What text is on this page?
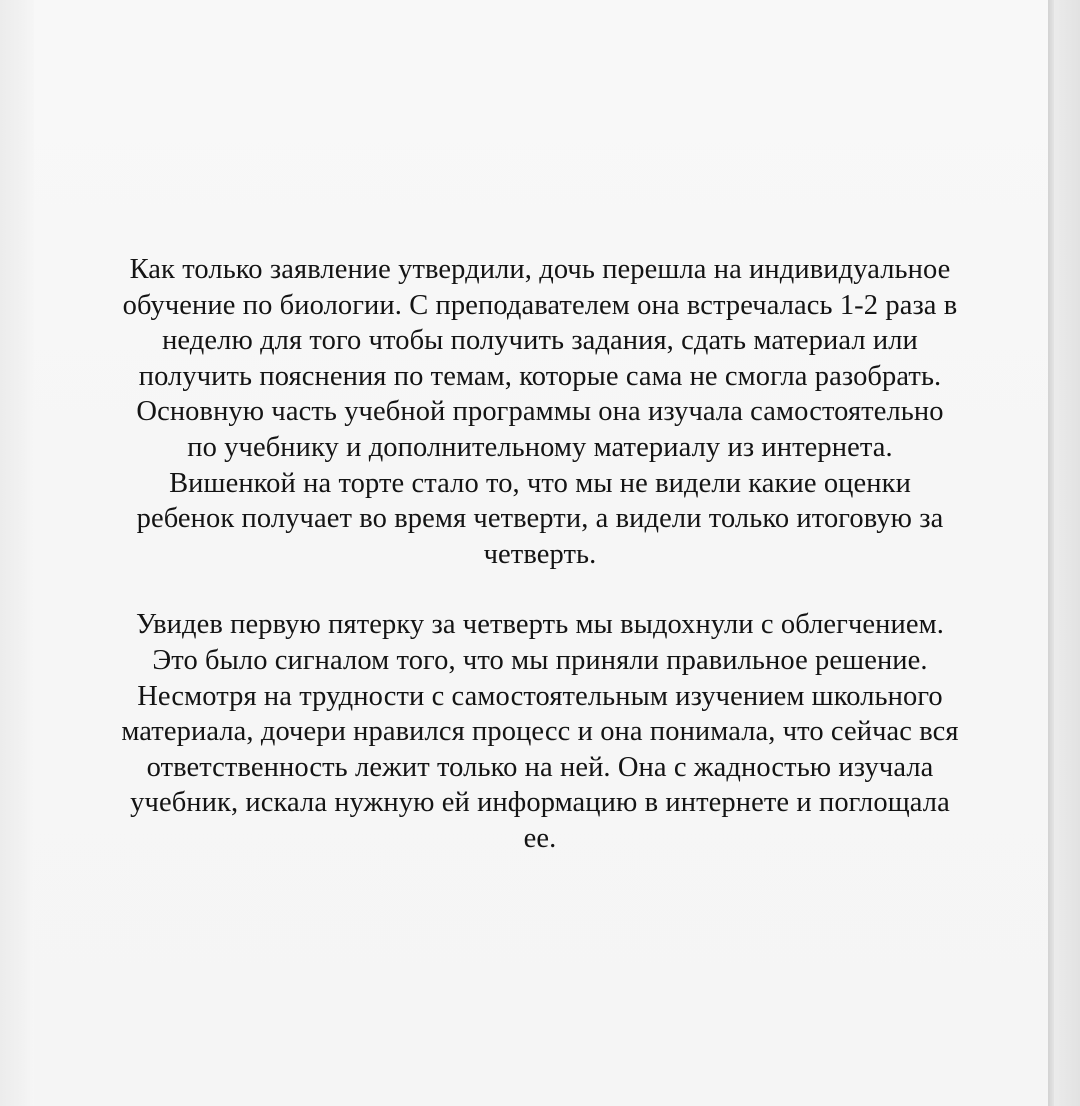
Как только заявление утвердили, дочь перешла на индивидуальное
обучение по биологии. С преподавателем она встречалась 1-2 раза в
неделю для того чтобы получить задания, сдать материал или
получить пояснения по темам, которые сама не смогла разобрать.
Основную часть учебной программы она изучала самостоятельно
по учебнику и дополнительному материалу из интернета.
Вишенкой на торте стало то, что мы не видели какие оценки
ребенок получает во время четверти, а видели только итоговую за
четверть.

Увидев первую пятерку за четверть мы выдохнули с облегчением.
Это было сигналом того, что мы приняли правильное решение.
Несмотря на трудности с самостоятельным изучением школьного
материала, дочери нравился процесс и она понимала, что сейчас вся
ответственность лежит только на ней. Она с жадностью изучала
учебник, искала нужную ей информацию в интернете и поглощала
ее.
